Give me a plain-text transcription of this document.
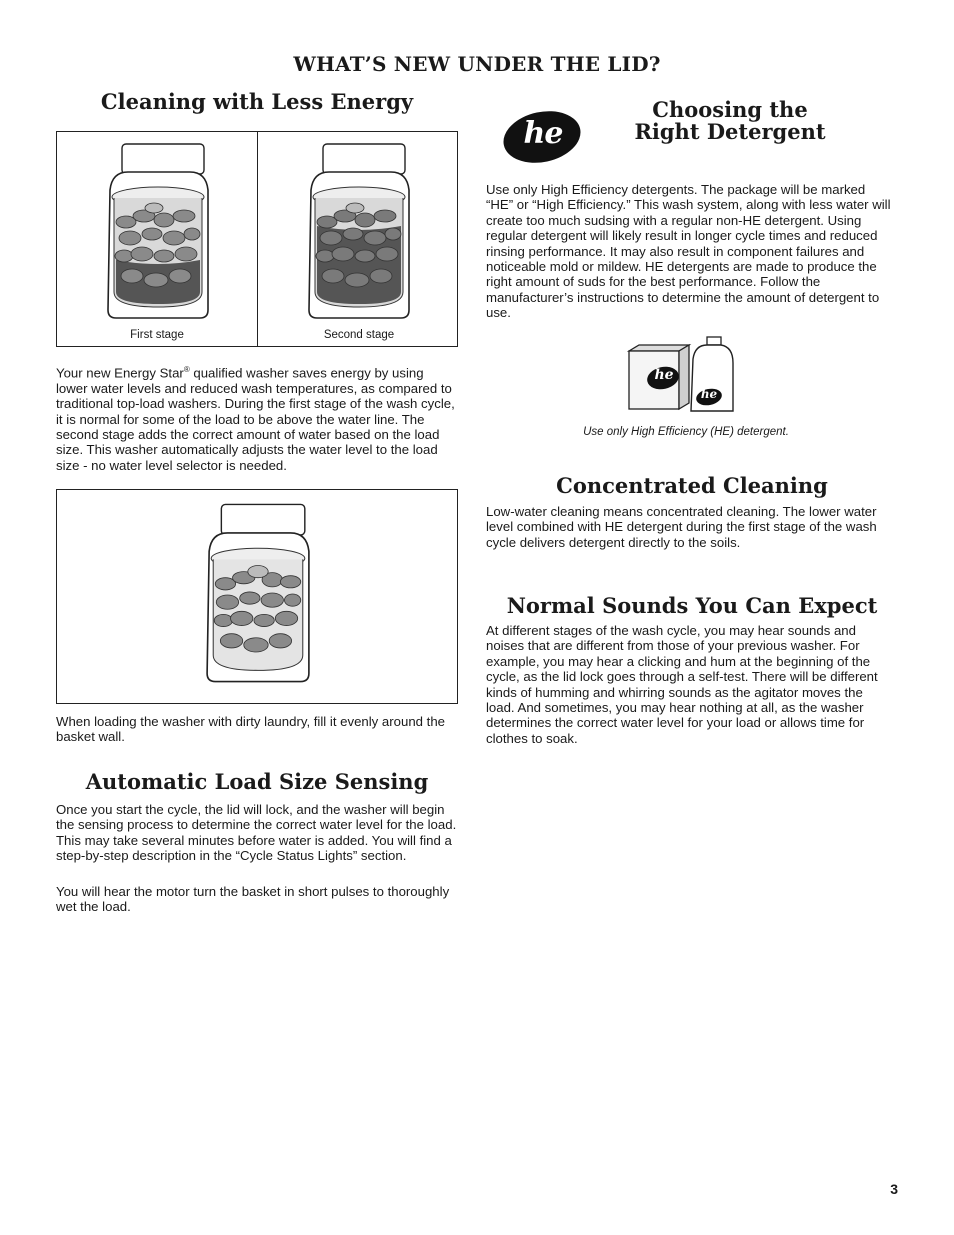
WHAT’S NEW UNDER THE LID?
Cleaning with Less Energy
First stage	Second stage
Your new Energy Star® qualified washer saves energy by using lower water levels and reduced wash temperatures, as compared to traditional top-load washers. During the first stage of the wash cycle, it is normal for some of the load to be above the water line. The second stage adds the correct amount of water based on the load size. This washer automatically adjusts the water level to the load size - no water level selector is needed.
When loading the washer with dirty laundry, fill it evenly around the basket wall.
Automatic Load Size Sensing
Once you start the cycle, the lid will lock, and the washer will begin the sensing process to determine the correct water level for the load. This may take several minutes before water is added. You will find a step-by-step description in the “Cycle Status Lights” section.
You will hear the motor turn the basket in short pulses to thoroughly wet the load.
he
Choosing the
Right Detergent
Use only High Efficiency detergents. The package will be marked “HE” or “High Efficiency.” This wash system, along with less water will create too much sudsing with a regular non-HE detergent. Using regular detergent will likely result in longer cycle times and reduced rinsing performance. It may also result in component failures and noticeable mold or mildew. HE detergents are made to produce the right amount of suds for the best performance. Follow the manufacturer’s instructions to determine the amount of detergent to use.
he
he
Use only High Efficiency (HE) detergent.
Concentrated Cleaning
Low-water cleaning means concentrated cleaning. The lower water level combined with HE detergent during the first stage of the wash cycle delivers detergent directly to the soils.
Normal Sounds You Can Expect
At different stages of the wash cycle, you may hear sounds and noises that are different from those of your previous washer. For example, you may hear a clicking and hum at the beginning of the cycle, as the lid lock goes through a self-test. There will be different kinds of humming and whirring sounds as the agitator moves the load. And sometimes, you may hear nothing at all, as the washer determines the correct water level for your load or allows time for clothes to soak.
3
